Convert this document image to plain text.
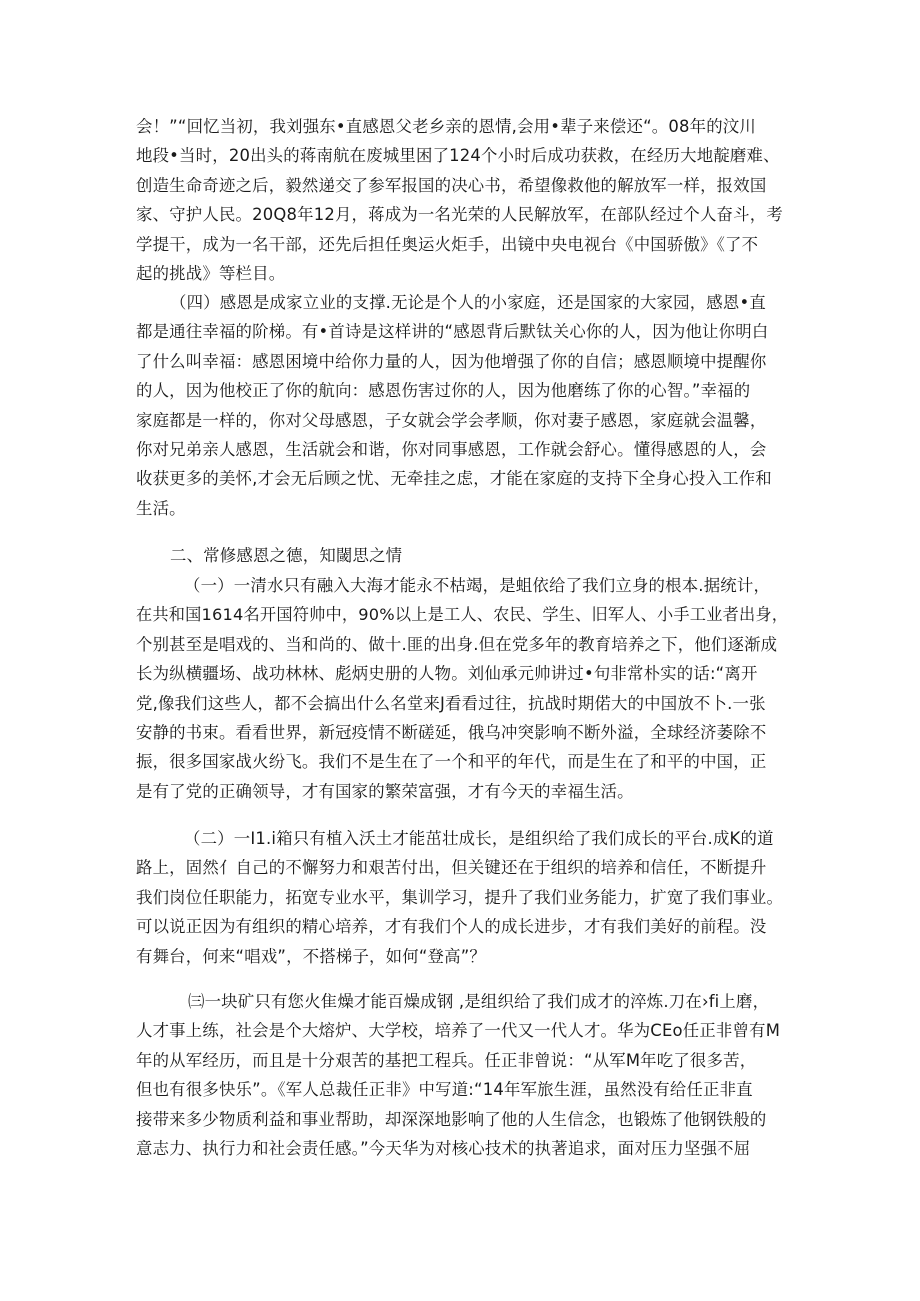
会！”“回忆当初，我刘强东•直感恩父老乡亲的恩情,会用•辈子来偿还“。08年的汶川
地段•当时，20出头的蒋南航在废城里困了124个小时后成功获救，在经历大地靛磨难、
创造生命奇迹之后，毅然递交了参军报国的决心书，希望像救他的解放军一样，报效国
家、守护人民。20Q8年12月，蒋成为一名光荣的人民解放军，在部队经过个人奋斗，考
学提干，成为一名干部，还先后担任奥运火炬手，出镜中央电视台《中国骄傲》《了不
起的挑战》等栏目。
（四）感恩是成家立业的支撑.无论是个人的小家庭，还是国家的大家园，感恩•直
都是通往幸福的阶梯。有•首诗是这样讲的“感恩背后默钛关心你的人，因为他让你明白
了什么叫幸福：感恩困境中给你力量的人，因为他增强了你的自信；感恩顺境中提醒你
的人，因为他校正了你的航向：感恩伤害过你的人，因为他磨练了你的心智。”幸福的
家庭都是一样的，你对父母感恩，子女就会学会孝顺，你对妻子感恩，家庭就会温馨，
你对兄弟亲人感恩，生活就会和谐，你对同事感恩，工作就会舒心。懂得感恩的人，会
收获更多的美怀,才会无后顾之忧、无牵挂之虑，才能在家庭的支持下全身心投入工作和
生活。
二、常修感恩之德，知閾思之情
（一）一清水只有融入大海才能永不枯竭，是蛆依给了我们立身的根本.据统计，
在共和国1614名开国符帅中，90%以上是工人、农民、学生、旧军人、小手工业者出身，
个别甚至是唱戏的、当和尚的、做十.匪的出身.但在党多年的教育培养之下，他们逐渐成
长为纵横疆场、战功林林、彪炳史册的人物。刘仙承元帅讲过•句非常朴实的话:“离开
党,像我们这些人，都不会搞出什么名堂来J看看过往，抗战时期偌大的中国放不卜.一张
安静的书束。看看世界，新冠疫情不断磋延，俄乌冲突影响不断外溢，全球经济萎除不
振，很多国家战火纷飞。我们不是生在了一个和平的年代，而是生在了和平的中国，正
是有了党的正确领导，才有国家的繁荣富强，才有今天的幸福生活。
（二）一I1.i箱只有植入沃土才能茁壮成长，是组织给了我们成长的平台.成K的道
路上，固然亻自己的不懈努力和艰苦付出，但关键还在于组织的培养和信任，不断提升
我们岗位任职能力，拓宽专业水平，集训学习，提升了我们业务能力，扩宽了我们事业。
可以说正因为有组织的精心培养，才有我们个人的成长进步，才有我们美好的前程。没
有舞台，何来“唱戏”，不搭梯子，如何“登高”？
㈢一块矿只有您火隹燥才能百燥成钢 ,是组织给了我们成才的淬炼.刀在›fi上磨，
人才事上练，社会是个大熔炉、大学校，培养了一代又一代人才。华为CEo任正非曾有M
年的从军经历，而且是十分艰苦的基把工程兵。任正非曾说：“从军M年吃了很多苦，
但也有很多快乐”。《军人总裁任正非》中写道:“14年军旅生涯，虽然没有给任正非直
接带来多少物质利益和事业帮助，却深深地影响了他的人生信念，也锻炼了他钢铁般的
意志力、执行力和社会责任感。”今天华为对核心技术的执著追求，面对压力坚强不屈
